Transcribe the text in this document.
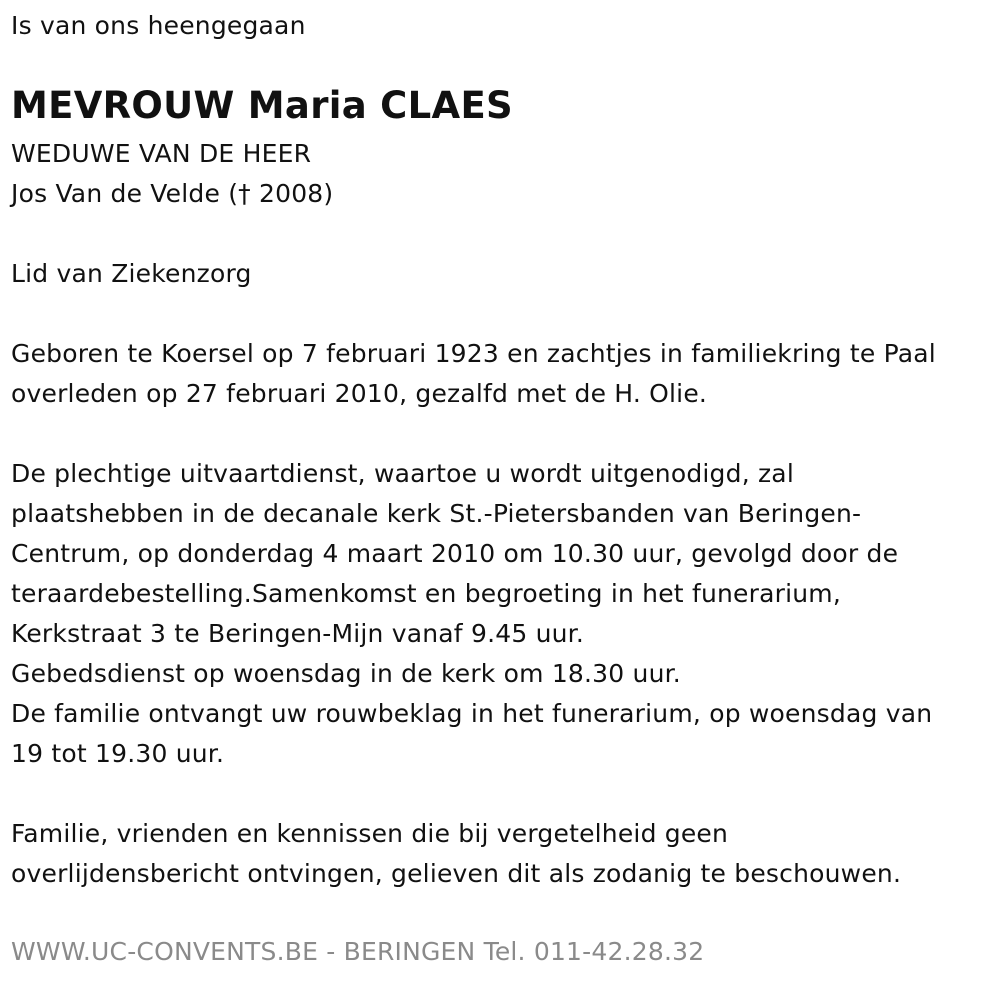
Is van ons heengegaan
MEVROUW Maria CLAES
WEDUWE VAN DE HEER
Jos Van de Velde († 2008)
Lid van Ziekenzorg
Geboren te Koersel op 7 februari 1923 en zachtjes in familiekring te Paal
overleden op 27 februari 2010, gezalfd met de H. Olie.
De plechtige uitvaartdienst, waartoe u wordt uitgenodigd, zal
plaatshebben in de decanale kerk St.-Pietersbanden van Beringen-
Centrum, op donderdag 4 maart 2010 om 10.30 uur, gevolgd door de
teraardebestelling.Samenkomst en begroeting in het funerarium,
Kerkstraat 3 te Beringen-Mijn vanaf 9.45 uur.
Gebedsdienst op woensdag in de kerk om 18.30 uur.
De familie ontvangt uw rouwbeklag in het funerarium, op woensdag van
19 tot 19.30 uur.
Familie, vrienden en kennissen die bij vergetelheid geen
overlijdensbericht ontvingen, gelieven dit als zodanig te beschouwen.
WWW.UC-CONVENTS.BE - BERINGEN Tel. 011-42.28.32
